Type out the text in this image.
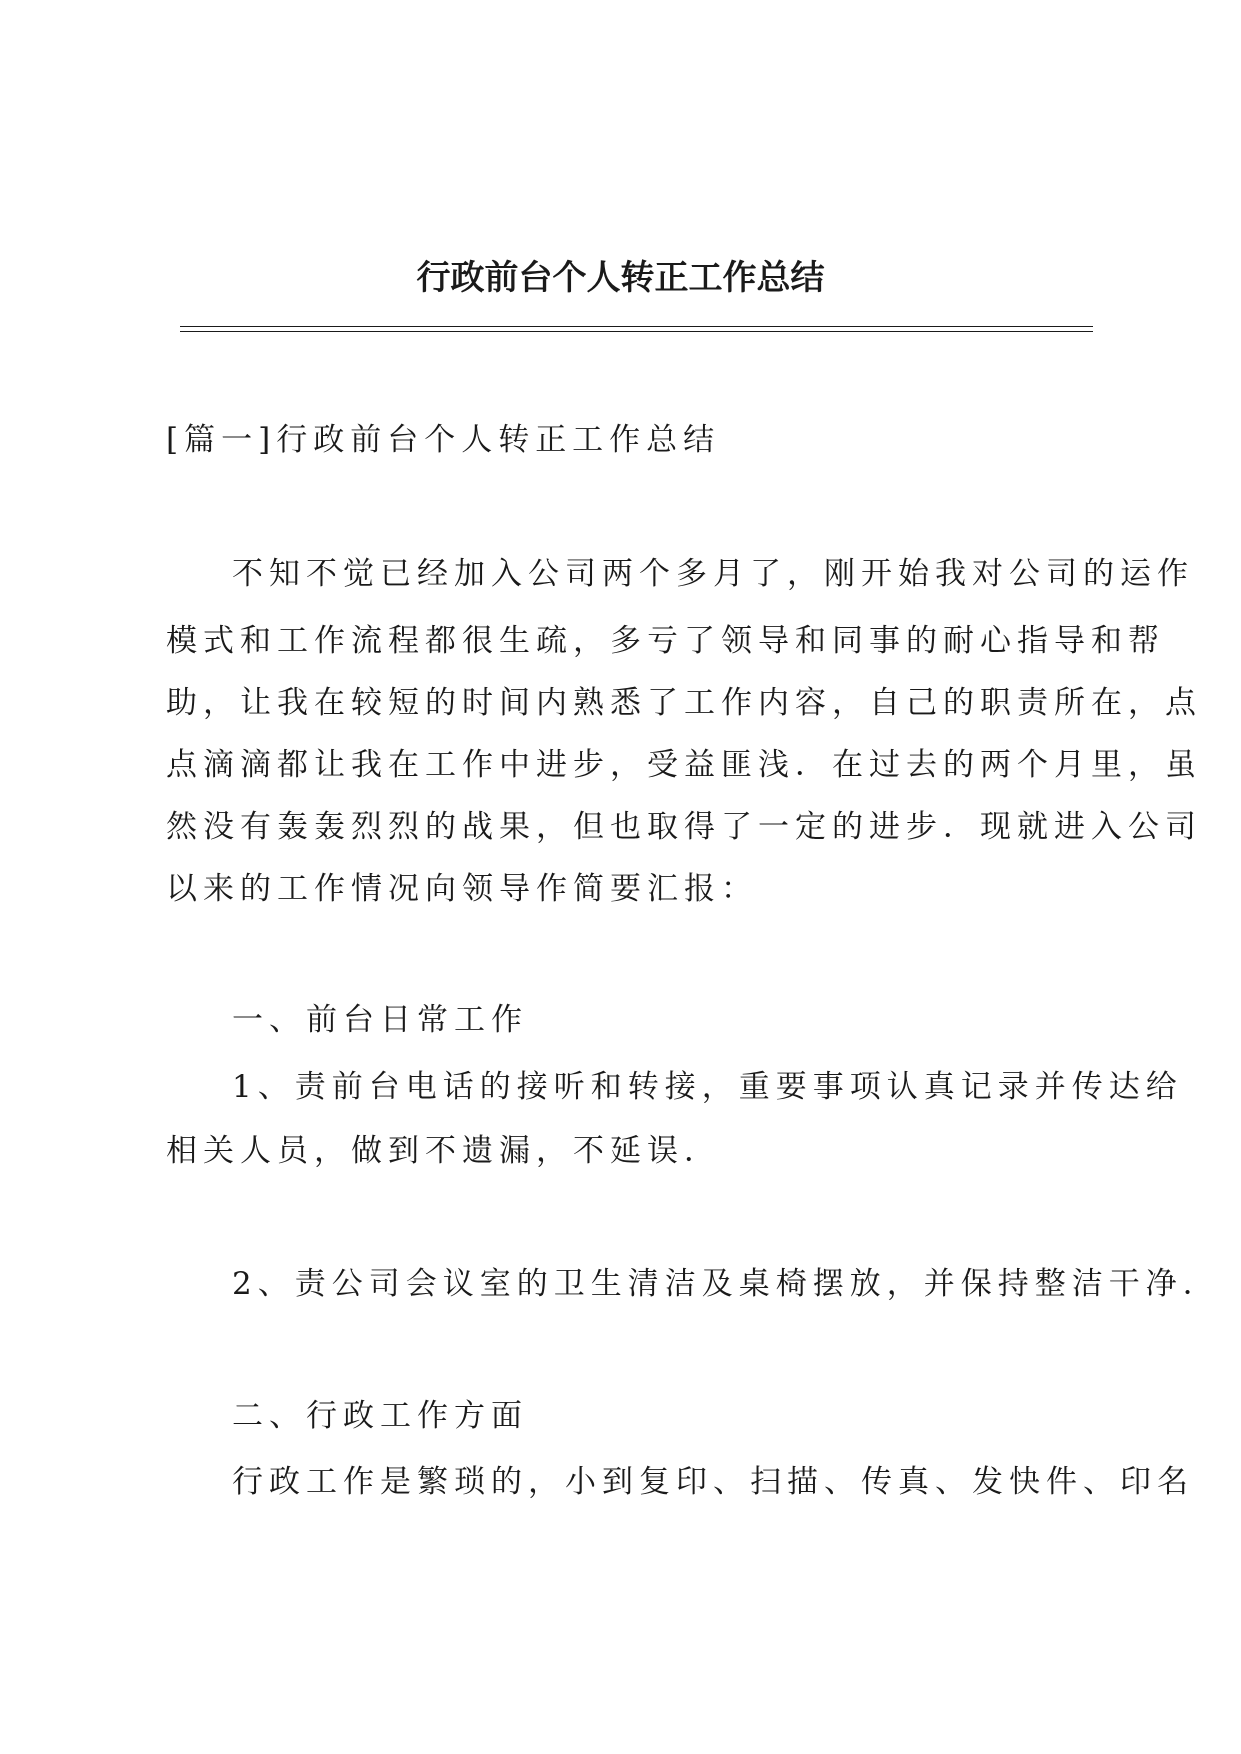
行政前台个人转正工作总结
[篇一]行政前台个人转正工作总结
不知不觉已经加入公司两个多月了，刚开始我对公司的运作
模式和工作流程都很生疏，多亏了领导和同事的耐心指导和帮
助，让我在较短的时间内熟悉了工作内容，自己的职责所在，点
点滴滴都让我在工作中进步，受益匪浅．在过去的两个月里，虽
然没有轰轰烈烈的战果，但也取得了一定的进步．现就进入公司
以来的工作情况向领导作简要汇报：
一、前台日常工作
1、责前台电话的接听和转接，重要事项认真记录并传达给
相关人员，做到不遗漏，不延误．
2、责公司会议室的卫生清洁及桌椅摆放，并保持整洁干净．
二、行政工作方面
行政工作是繁琐的，小到复印、扫描、传真、发快件、印名
